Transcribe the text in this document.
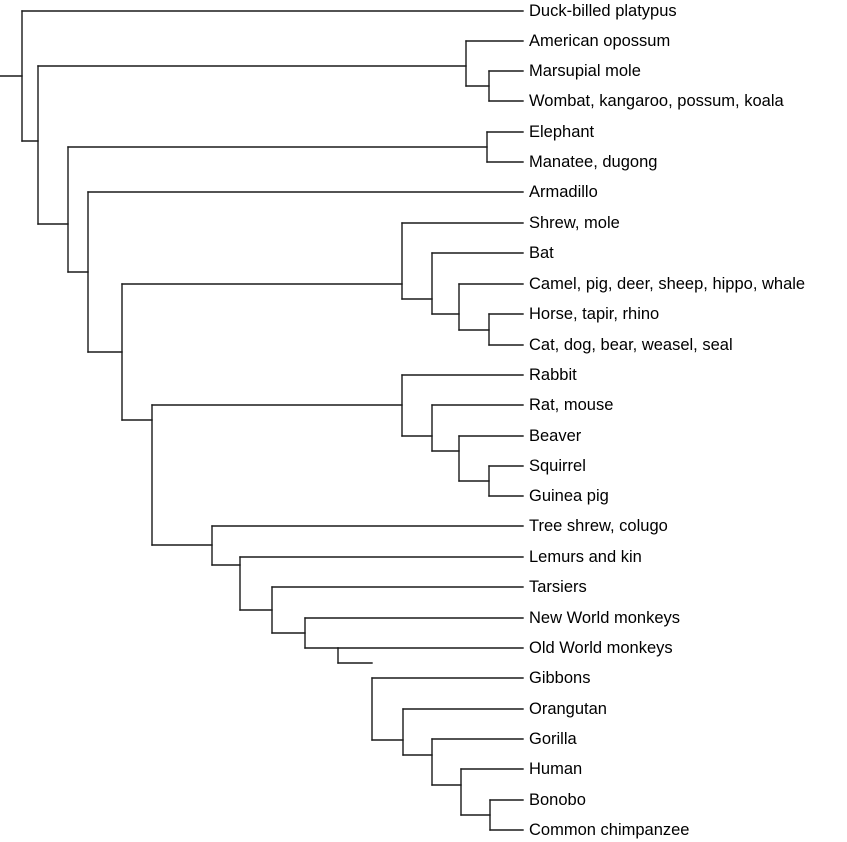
Duck-billed platypus
American opossum
Marsupial mole
Wombat, kangaroo, possum, koala
Elephant
Manatee, dugong
Armadillo
Shrew, mole
Bat
Camel, pig, deer, sheep, hippo, whale
Horse, tapir, rhino
Cat, dog, bear, weasel, seal
Rabbit
Rat, mouse
Beaver
Squirrel
Guinea pig
Tree shrew, colugo
Lemurs and kin
Tarsiers
New World monkeys
Old World monkeys
Gibbons
Orangutan
Gorilla
Human
Bonobo
Common chimpanzee
